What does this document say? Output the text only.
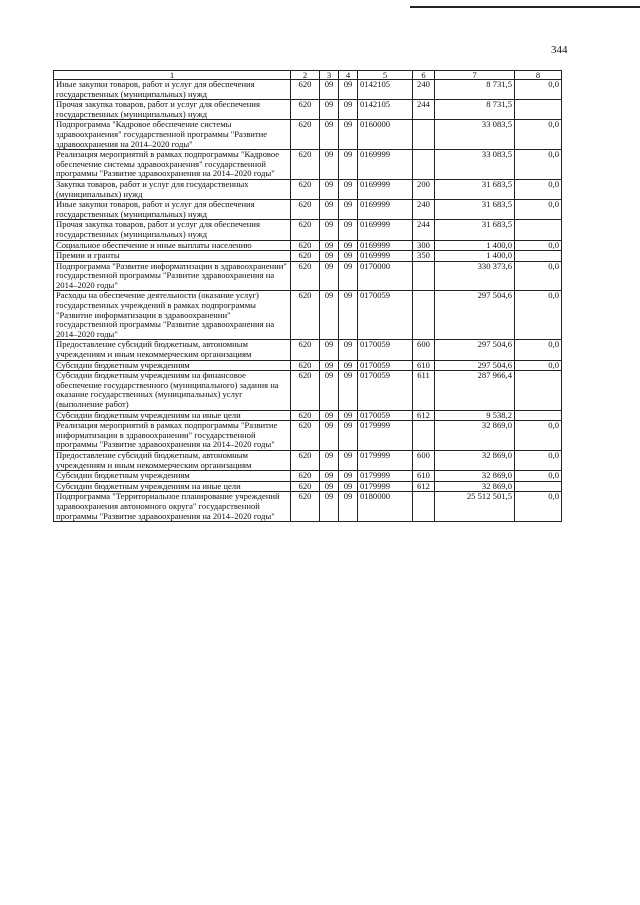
344
1	2	3	4	5	6	7	8
Иные закупки товаров, работ и услуг для обеспечения государственных (муниципальных) нужд	620	09	09	0142105	240	8 731,5	0,0
Прочая закупка товаров, работ и услуг для обеспечения государственных (муниципальных) нужд	620	09	09	0142105	244	8 731,5	
Подпрограмма "Кадровое обеспечение системы здравоохранения" государственной программы "Развитие здравоохранения на 2014–2020 годы"	620	09	09	0160000		33 083,5	0,0
Реализация мероприятий в рамках подпрограммы "Кадровое обеспечение системы здравоохранения" государственной программы "Развитие здравоохранения на 2014–2020 годы"	620	09	09	0169999		33 083,5	0,0
Закупка товаров, работ и услуг для государственных (муниципальных) нужд	620	09	09	0169999	200	31 683,5	0,0
Иные закупки товаров, работ и услуг для обеспечения государственных (муниципальных) нужд	620	09	09	0169999	240	31 683,5	0,0
Прочая закупка товаров, работ и услуг для обеспечения государственных (муниципальных) нужд	620	09	09	0169999	244	31 683,5	
Социальное обеспечение и иные выплаты населению	620	09	09	0169999	300	1 400,0	0,0
Премии и гранты	620	09	09	0169999	350	1 400,0	
Подпрограмма "Развитие информатизации в здравоохранении" государственной программы "Развитие здравоохранения на 2014–2020 годы"	620	09	09	0170000		330 373,6	0,0
Расходы на обеспечение деятельности (оказание услуг) государственных учреждений в рамках подпрограммы "Развитие информатизации в здравоохранении" государственной программы "Развитие здравоохранения на 2014–2020 годы"	620	09	09	0170059		297 504,6	0,0
Предоставление субсидий бюджетным, автономным учреждениям и иным некоммерческим организациям	620	09	09	0170059	600	297 504,6	0,0
Субсидии бюджетным учреждениям	620	09	09	0170059	610	297 504,6	0,0
Субсидии бюджетным учреждениям на финансовое обеспечение государственного (муниципального) задания на оказание государственных (муниципальных) услуг (выполнение работ)	620	09	09	0170059	611	287 966,4	
Субсидии бюджетным учреждениям на иные цели	620	09	09	0170059	612	9 538,2	
Реализация мероприятий в рамках подпрограммы "Развитие информатизации в здравоохранении" государственной программы "Развитие здравоохранения на 2014–2020 годы"	620	09	09	0179999		32 869,0	0,0
Предоставление субсидий бюджетным, автономным учреждениям и иным некоммерческим организациям	620	09	09	0179999	600	32 869,0	0,0
Субсидии бюджетным учреждениям	620	09	09	0179999	610	32 869,0	0,0
Субсидии бюджетным учреждениям на иные цели	620	09	09	0179999	612	32 869,0	
Подпрограмма "Территориальное планирование учреждений здравоохранения автономного округа" государственной программы "Развитие здравоохранения на 2014–2020 годы"	620	09	09	0180000		25 512 501,5	0,0
